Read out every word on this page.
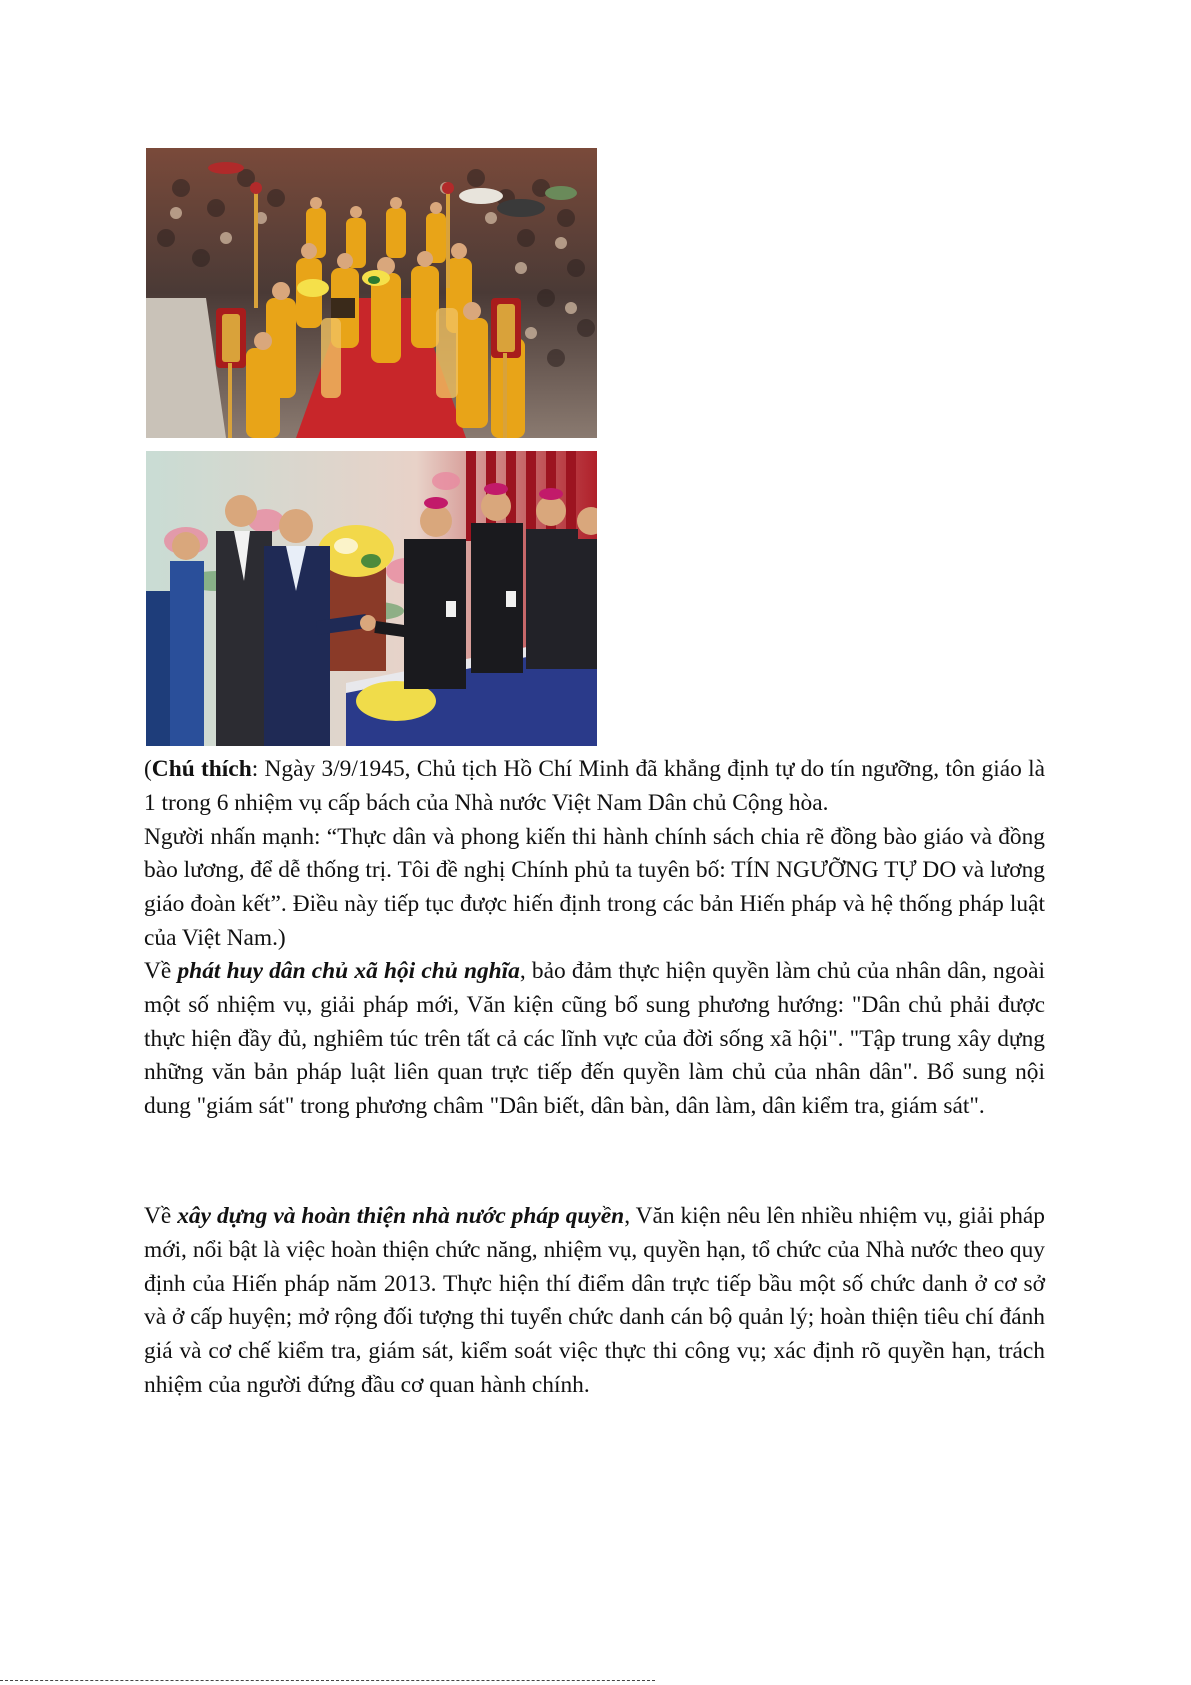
(Chú thích: Ngày 3/9/1945, Chủ tịch Hồ Chí Minh đã khẳng định tự do tín ngưỡng, tôn giáo là 1 trong 6 nhiệm vụ cấp bách của Nhà nước Việt Nam Dân chủ Cộng hòa.

Người nhấn mạnh: “Thực dân và phong kiến thi hành chính sách chia rẽ đồng bào giáo và đồng bào lương, để dễ thống trị. Tôi đề nghị Chính phủ ta tuyên bố: TÍN NGƯỠNG TỰ DO và lương giáo đoàn kết”. Điều này tiếp tục được hiến định trong các bản Hiến pháp và hệ thống pháp luật của Việt Nam.)

Về phát huy dân chủ xã hội chủ nghĩa, bảo đảm thực hiện quyền làm chủ của nhân dân, ngoài một số nhiệm vụ, giải pháp mới, Văn kiện cũng bổ sung phương hướng: "Dân chủ phải được thực hiện đầy đủ, nghiêm túc trên tất cả các lĩnh vực của đời sống xã hội". "Tập trung xây dựng những văn bản pháp luật liên quan trực tiếp đến quyền làm chủ của nhân dân". Bổ sung nội dung "giám sát" trong phương châm "Dân biết, dân bàn, dân làm, dân kiểm tra, giám sát".

Về xây dựng và hoàn thiện nhà nước pháp quyền, Văn kiện nêu lên nhiều nhiệm vụ, giải pháp mới, nổi bật là việc hoàn thiện chức năng, nhiệm vụ, quyền hạn, tổ chức của Nhà nước theo quy định của Hiến pháp năm 2013. Thực hiện thí điểm dân trực tiếp bầu một số chức danh ở cơ sở và ở cấp huyện; mở rộng đối tượng thi tuyển chức danh cán bộ quản lý; hoàn thiện tiêu chí đánh giá và cơ chế kiểm tra, giám sát, kiểm soát việc thực thi công vụ; xác định rõ quyền hạn, trách nhiệm của người đứng đầu cơ quan hành chính.
